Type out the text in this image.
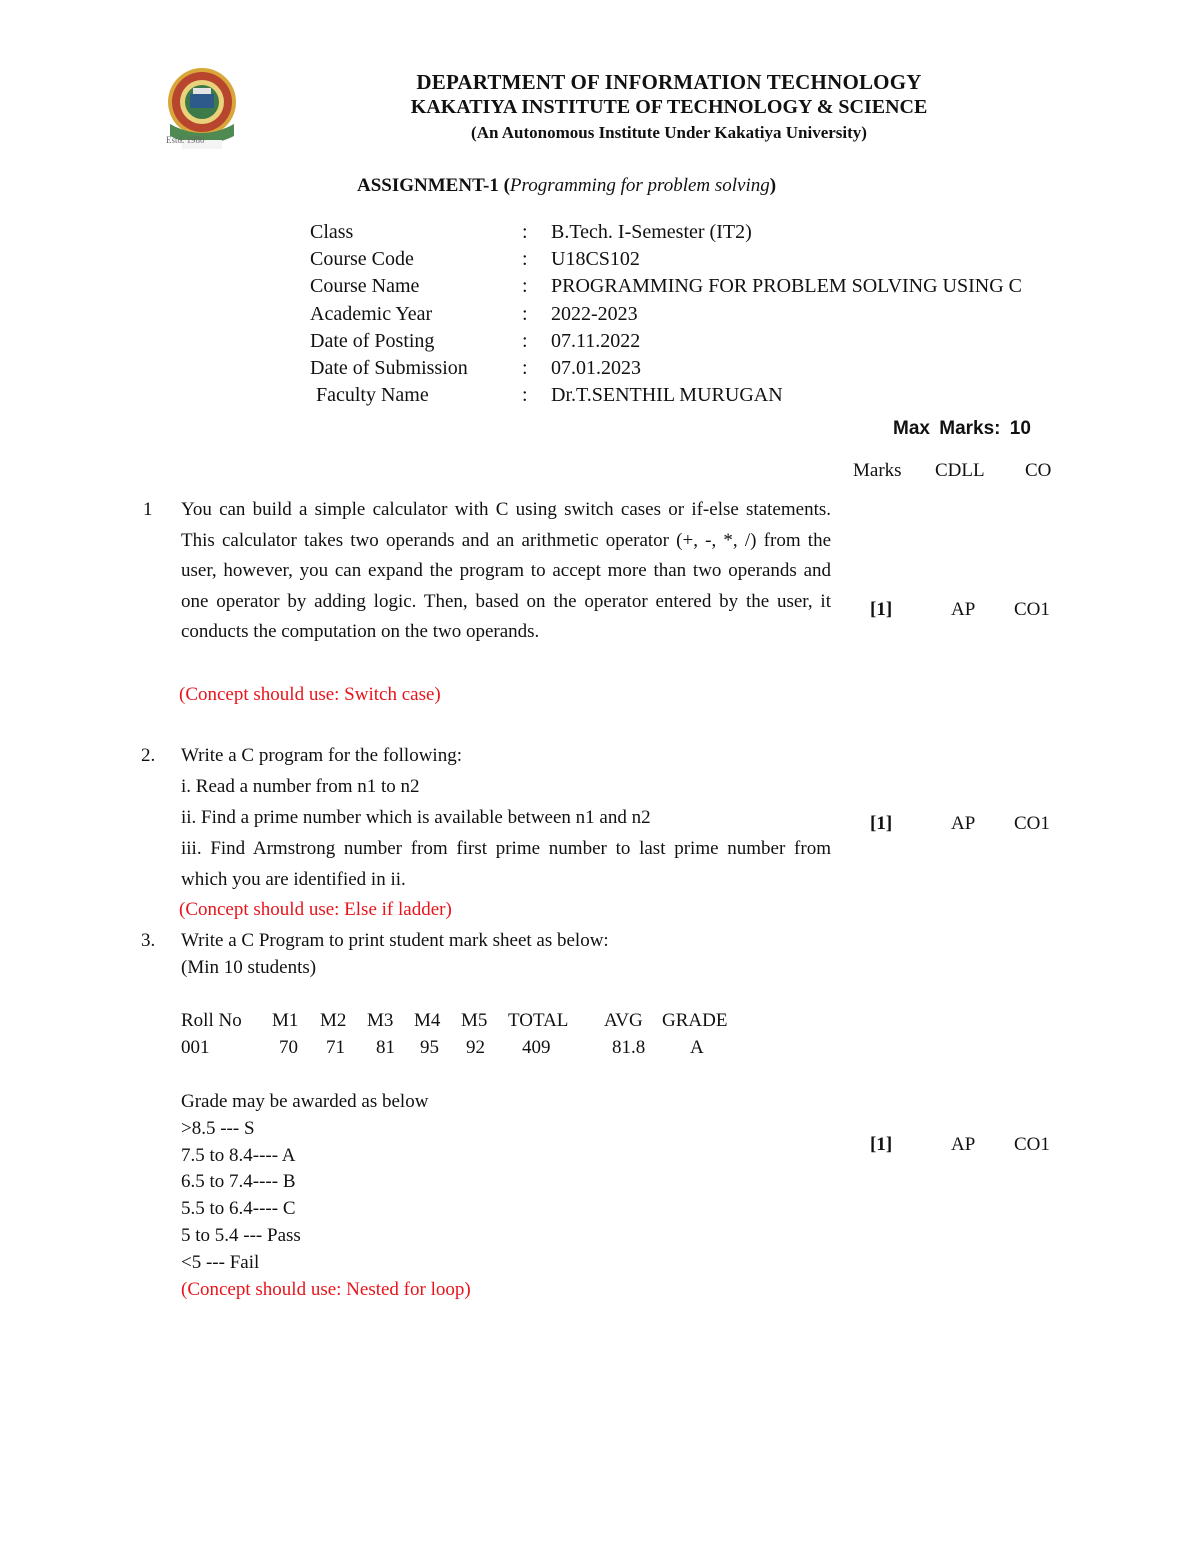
Estd. 1980
DEPARTMENT OF INFORMATION TECHNOLOGY
KAKATIYA INSTITUTE OF TECHNOLOGY & SCIENCE
(An Autonomous Institute Under Kakatiya University)
ASSIGNMENT-1 (Programming for problem solving)
Class	: B.Tech. I-Semester (IT2)
Course Code	: U18CS102
Course Name	: PROGRAMMING FOR PROBLEM SOLVING USING C
Academic Year	: 2022-2023
Date of Posting	: 07.11.2022
Date of Submission	: 07.01.2023
Faculty Name	: Dr.T.SENTHIL MURUGAN
Max Marks: 10
Marks CDLL CO
1 You can build a simple calculator with C using switch cases or if-else statements. This calculator takes two operands and an arithmetic operator (+, -, *, /) from the user, however, you can expand the program to accept more than two operands and one operator by adding logic. Then, based on the operator entered by the user, it conducts the computation on the two operands.
(Concept should use: Switch case)
[1]	AP CO1
2. Write a C program for the following:
i. Read a number from n1 to n2
ii. Find a prime number which is available between n1 and n2
iii. Find Armstrong number from first prime number to last prime number from which you are identified in ii.
(Concept should use: Else if ladder)
[1]	AP CO1
3. Write a C Program to print student mark sheet as below:
(Min 10 students)
Roll No M1 M2 M3 M4 M5 TOTAL AVG GRADE
001	70 71 81 95 92 409	81.8 A
Grade may be awarded as below
>8.5 --- S
7.5 to 8.4---- A
6.5 to 7.4---- B
5.5 to 6.4---- C
5 to 5.4 --- Pass
<5 --- Fail
(Concept should use: Nested for loop)
[1]	AP CO1
